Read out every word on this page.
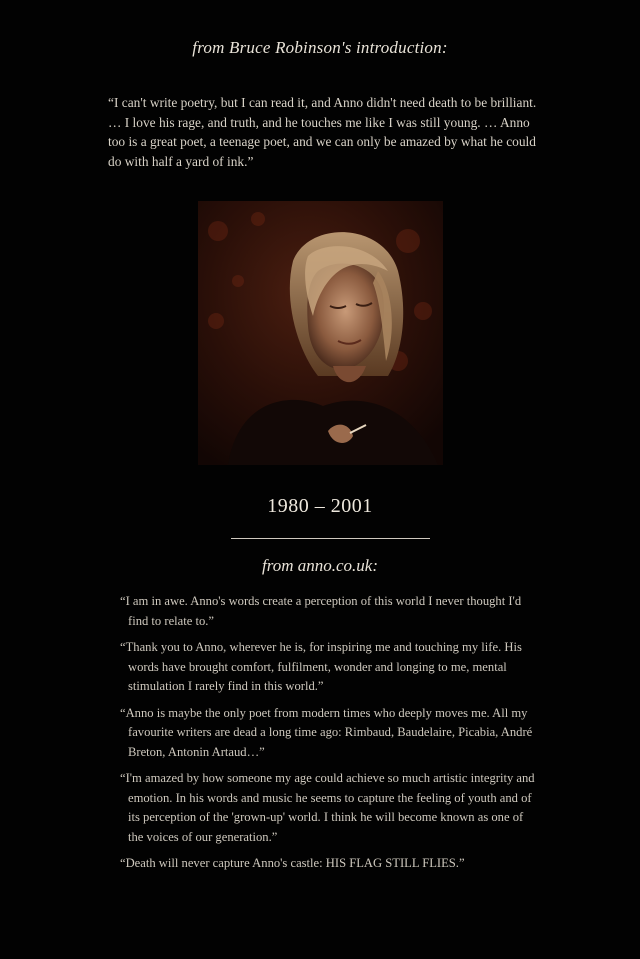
from Bruce Robinson's introduction:
“I can't write poetry, but I can read it, and Anno didn't need death to be brilliant. … I love his rage, and truth, and he touches me like I was still young. … Anno too is a great poet, a teenage poet, and we can only be amazed by what he could do with half a yard of ink.”
1980 – 2001
from anno.co.uk:

“I am in awe. Anno's words create a perception of this world I never thought I'd find to relate to.”

“Thank you to Anno, wherever he is, for inspiring me and touching my life. His words have brought comfort, fulfilment, wonder and longing to me, mental stimulation I rarely find in this world.”

“Anno is maybe the only poet from modern times who deeply moves me. All my favourite writers are dead a long time ago: Rimbaud, Baudelaire, Picabia, André Breton, Antonin Artaud…”

“I'm amazed by how someone my age could achieve so much artistic integrity and emotion. In his words and music he seems to capture the feeling of youth and of its perception of the 'grown-up' world. I think he will become known as one of the voices of our generation.”

“Death will never capture Anno's castle: HIS FLAG STILL FLIES.”
